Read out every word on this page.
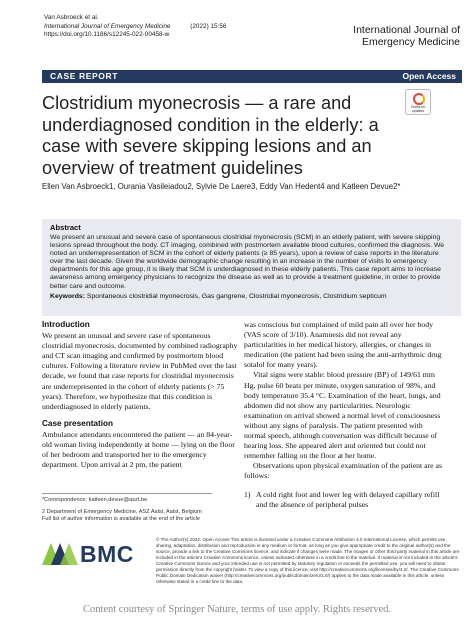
Van Asbroeck et al.
International Journal of Emergency Medicine	(2022) 15:56
https://doi.org/10.1186/s12245-022-00458-w	International Journal of
Emergency Medicine
CASE REPORT	Open Access
Check for updates
Clostridium myonecrosis — a rare and underdiagnosed condition in the elderly: a case with severe skipping lesions and an overview of treatment guidelines
Ellen Van Asbroeck1, Ourania Vasileiadou2, Sylvie De Laere3, Eddy Van Hedent4 and Katleen Devue2*
Abstract
We present an unusual and severe case of spontaneous clostridial myonecrosis (SCM) in an elderly patient, with severe skipping lesions spread throughout the body. CT imaging, combined with postmortem available blood cultures, confirmed the diagnosis. We noted an underrepresentation of SCM in the cohort of elderly patients (≥ 85 years), upon a review of case reports in the literature over the last decade. Given the worldwide demographic change resulting in an increase in the number of visits to emergency departments for this age group, it is likely that SCM is underdiagnosed in these elderly patients. This case report aims to increase awareness among emergency physicians to recognize the disease as well as to provide a treatment guideline, in order to provide better care and outcome.
Keywords: Spontaneous clostridial myonecrosis, Gas gangrene, Clostridial myonecrosis, Clostridium septicum
Introduction

We present an unusual and severe case of spontaneous clostridial myonecrosis, documented by combined radiography and CT scan imaging and confirmed by postmortem blood cultures. Following a literature review in PubMed over the last decade, we found that case reports for clostridial myonecrosis are underrepresented in the cohort of elderly patients (> 75 years). Therefore, we hypothesize that this condition is underdiagnosed in elderly patients.

Case presentation

Ambulance attendants encountered the patient — an 84-year-old woman living independently at home — lying on the floor of her bedroom and transported her to the emergency department. Upon arrival at 2 pm, the patient

was conscious but complained of mild pain all over her body (VAS score of 3/10). Anamnesis did not reveal any particularities in her medical history, allergies, or changes in medication (the patient had been using the anti-arrhythmic drug sotalol for many years).

Vital signs were stable: blood pressure (BP) of 149/61 mm Hg, pulse 60 beats per minute, oxygen saturation of 98%, and body temperature 35.4 °C. Examination of the heart, lungs, and abdomen did not show any particularities. Neurologic examination on arrival showed a normal level of consciousness without any signs of paralysis. The patient presented with normal speech, although conversation was difficult because of hearing loss. She appeared alert and oriented but could not remember falling on the floor at her home.

Observations upon physical examination of the patient are as follows:

1) A cold right foot and lower leg with delayed capillary refill and the absence of peripheral pulses
*Correspondence: katleen.devue@aszt.be
2 Department of Emergency Medicine, ASZ Aalst, Aalst, Belgium
Full list of author information is available at the end of the article
BMC
© The Author(s) 2022. Open Access This article is licensed under a Creative Commons Attribution 4.0 International License, which permits use, sharing, adaptation, distribution and reproduction in any medium or format, as long as you give appropriate credit to the original author(s) and the source, provide a link to the Creative Commons licence, and indicate if changes were made. The images or other third party material in this article are included in the article's Creative Commons licence, unless indicated otherwise in a credit line to the material. If material is not included in the article's Creative Commons licence and your intended use is not permitted by statutory regulation or exceeds the permitted use, you will need to obtain permission directly from the copyright holder. To view a copy of this licence, visit http://creativecommons.org/licenses/by/4.0/. The Creative Commons Public Domain Dedication waiver (http://creativecommons.org/publicdomain/zero/1.0/) applies to the data made available in this article, unless otherwise stated in a credit line to the data.
Content courtesy of Springer Nature, terms of use apply. Rights reserved.
